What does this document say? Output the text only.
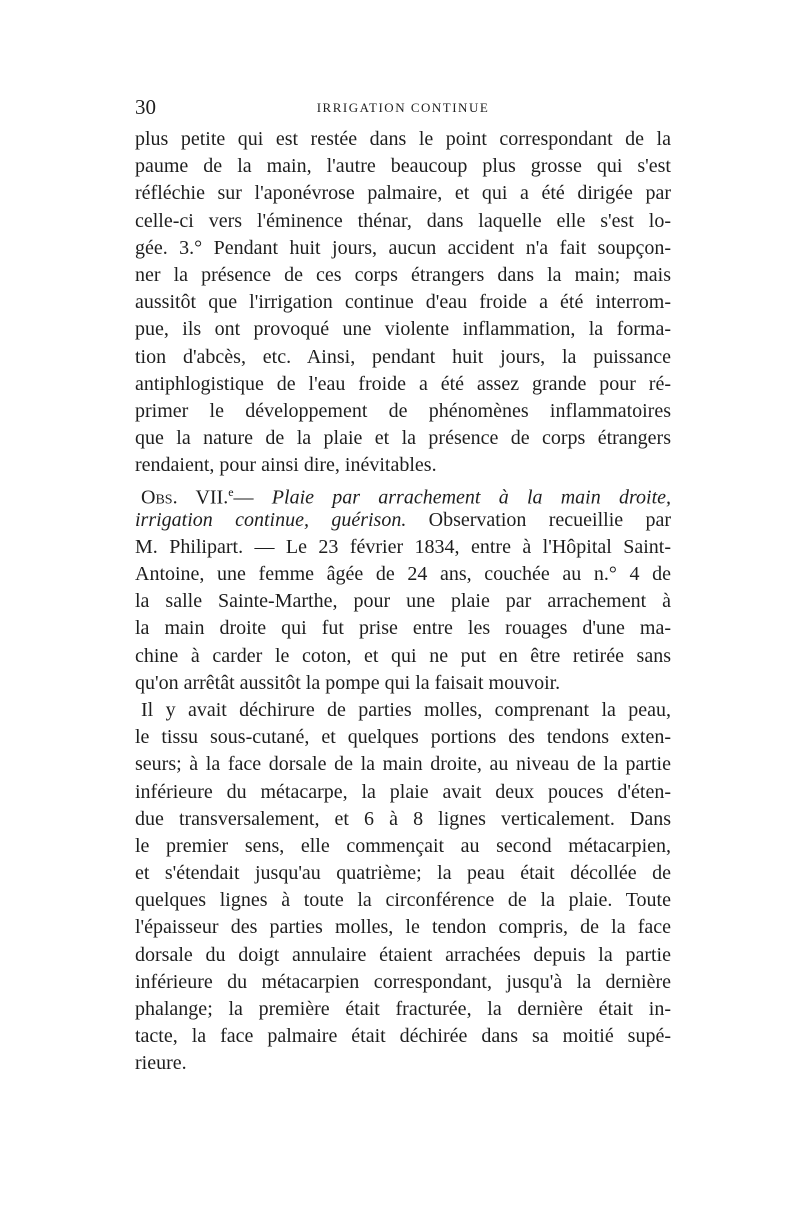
30	IRRIGATION CONTINUE
plus petite qui est restée dans le point correspondant de la
paume de la main, l'autre beaucoup plus grosse qui s'est
réfléchie sur l'aponévrose palmaire, et qui a été dirigée par
celle-ci vers l'éminence thénar, dans laquelle elle s'est lo-
gée. 3.° Pendant huit jours, aucun accident n'a fait soupçon-
ner la présence de ces corps étrangers dans la main; mais
aussitôt que l'irrigation continue d'eau froide a été interrom-
pue, ils ont provoqué une violente inflammation, la forma-
tion d'abcès, etc. Ainsi, pendant huit jours, la puissance
antiphlogistique de l'eau froide a été assez grande pour ré-
primer le développement de phénomènes inflammatoires
que la nature de la plaie et la présence de corps étrangers
rendaient, pour ainsi dire, inévitables.
Obs. VII.$^e$— Plaie par arrachement à la main droite,
irrigation continue, guérison. Observation recueillie par
M. Philipart. — Le 23 février 1834, entre à l'Hôpital Saint-
Antoine, une femme âgée de 24 ans, couchée au n.° 4 de
la salle Sainte-Marthe, pour une plaie par arrachement à
la main droite qui fut prise entre les rouages d'une ma-
chine à carder le coton, et qui ne put en être retirée sans
qu'on arrêtât aussitôt la pompe qui la faisait mouvoir.
Il y avait déchirure de parties molles, comprenant la peau,
le tissu sous-cutané, et quelques portions des tendons exten-
seurs; à la face dorsale de la main droite, au niveau de la partie
inférieure du métacarpe, la plaie avait deux pouces d'éten-
due transversalement, et 6 à 8 lignes verticalement. Dans
le premier sens, elle commençait au second métacarpien,
et s'étendait jusqu'au quatrième; la peau était décollée de
quelques lignes à toute la circonférence de la plaie. Toute
l'épaisseur des parties molles, le tendon compris, de la face
dorsale du doigt annulaire étaient arrachées depuis la partie
inférieure du métacarpien correspondant, jusqu'à la dernière
phalange; la première était fracturée, la dernière était in-
tacte, la face palmaire était déchirée dans sa moitié supé-
rieure.
